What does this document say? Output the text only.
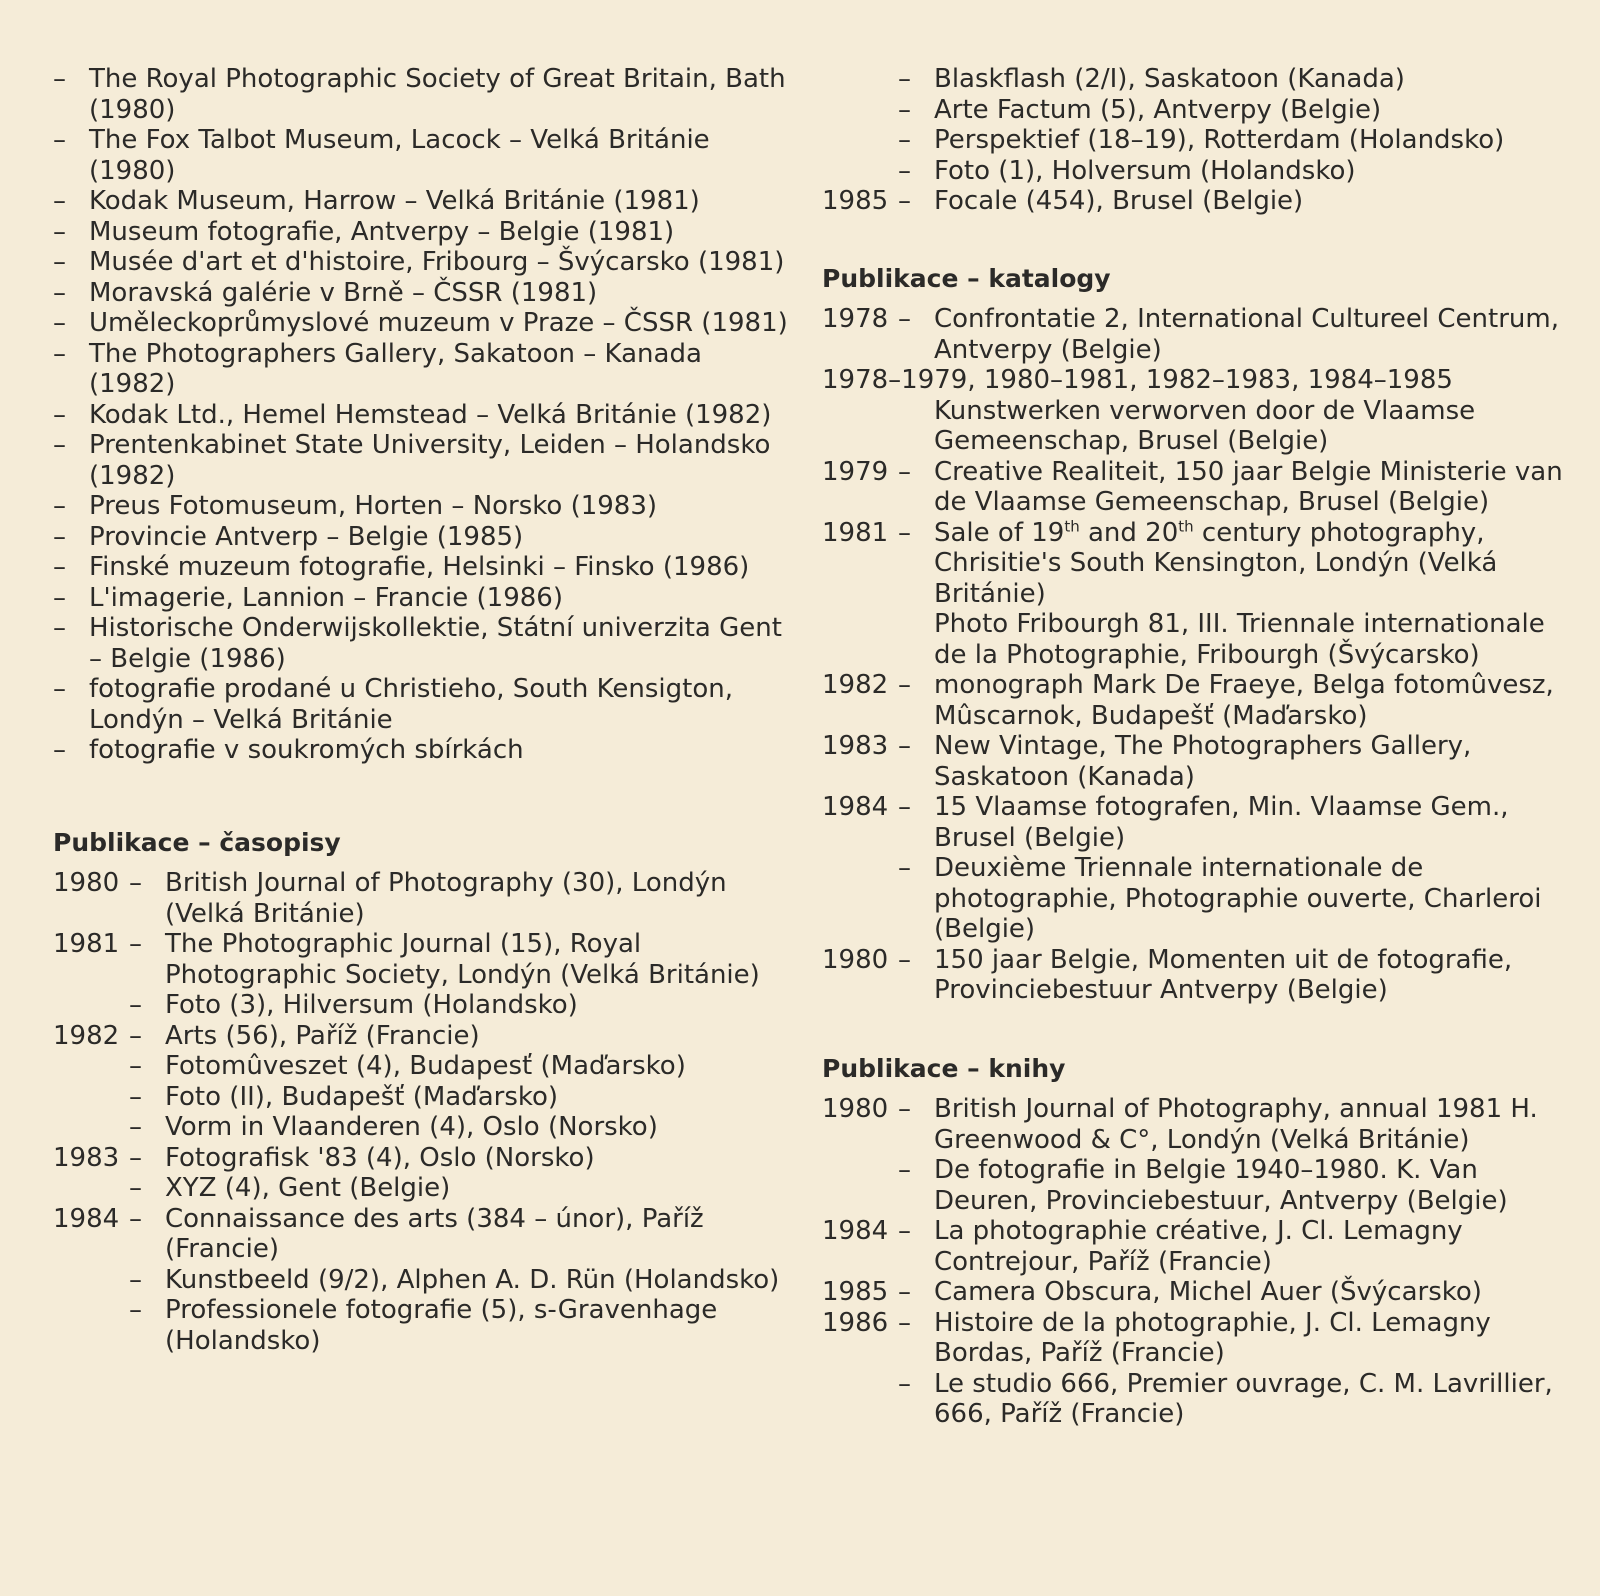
– The Royal Photographic Society of Great Britain, Bath (1980)
– The Fox Talbot Museum, Lacock – Velká Británie (1980)
– Kodak Museum, Harrow – Velká Británie (1981)
– Museum fotografie, Antverpy – Belgie (1981)
– Musée d'art et d'histoire, Fribourg – Švýcarsko (1981)
– Moravská galérie v Brně – ČSSR (1981)
– Uměleckoprůmyslové muzeum v Praze – ČSSR (1981)
– The Photographers Gallery, Sakatoon – Kanada (1982)
– Kodak Ltd., Hemel Hemstead – Velká Británie (1982)
– Prentenkabinet State University, Leiden – Holandsko (1982)
– Preus Fotomuseum, Horten – Norsko (1983)
– Provincie Antverp – Belgie (1985)
– Finské muzeum fotografie, Helsinki – Finsko (1986)
– L'imagerie, Lannion – Francie (1986)
– Historische Onderwijskollektie, Státní univerzita Gent – Belgie (1986)
– fotografie prodané u Christieho, South Kensigton, Londýn – Velká Británie
– fotografie v soukromých sbírkách
Publikace – časopisy
1980 – British Journal of Photography (30), Londýn (Velká Británie)
1981 – The Photographic Journal (15), Royal Photographic Society, Londýn (Velká Británie)
– Foto (3), Hilversum (Holandsko)
1982 – Arts (56), Paříž (Francie)
– Fotomûveszet (4), Budapesť (Maďarsko)
– Foto (II), Budapešť (Maďarsko)
– Vorm in Vlaanderen (4), Oslo (Norsko)
1983 – Fotografisk '83 (4), Oslo (Norsko)
– XYZ (4), Gent (Belgie)
1984 – Connaissance des arts (384 – únor), Paříž (Francie)
– Kunstbeeld (9/2), Alphen A. D. Rün (Holandsko)
– Professionele fotografie (5), s-Gravenhage (Holandsko)
– Blaskflash (2/I), Saskatoon (Kanada)
– Arte Factum (5), Antverpy (Belgie)
– Perspektief (18–19), Rotterdam (Holandsko)
– Foto (1), Holversum (Holandsko)
1985 – Focale (454), Brusel (Belgie)
Publikace – katalogy
1978 – Confrontatie 2, International Cultureel Centrum, Antverpy (Belgie)
1978–1979, 1980–1981, 1982–1983, 1984–1985
Kunstwerken verworven door de Vlaamse Gemeenschap, Brusel (Belgie)
1979 – Creative Realiteit, 150 jaar Belgie Ministerie van de Vlaamse Gemeenschap, Brusel (Belgie)
1981 – Sale of 19th and 20th century photography, Chrisitie's South Kensington, Londýn (Velká Británie)
Photo Fribourgh 81, III. Triennale internationale de la Photographie, Fribourgh (Švýcarsko)
1982 – monograph Mark De Fraeye, Belga fotomûvesz, Mûscarnok, Budapešť (Maďarsko)
1983 – New Vintage, The Photographers Gallery, Saskatoon (Kanada)
1984 – 15 Vlaamse fotografen, Min. Vlaamse Gem., Brusel (Belgie)
– Deuxième Triennale internationale de photographie, Photographie ouverte, Charleroi (Belgie)
1980 – 150 jaar Belgie, Momenten uit de fotografie, Provinciebestuur Antverpy (Belgie)
Publikace – knihy
1980 – British Journal of Photography, annual 1981 H. Greenwood & C°, Londýn (Velká Británie)
– De fotografie in Belgie 1940–1980. K. Van Deuren, Provinciebestuur, Antverpy (Belgie)
1984 – La photographie créative, J. Cl. Lemagny Contrejour, Paříž (Francie)
1985 – Camera Obscura, Michel Auer (Švýcarsko)
1986 – Histoire de la photographie, J. Cl. Lemagny Bordas, Paříž (Francie)
– Le studio 666, Premier ouvrage, C. M. Lavrillier, 666, Paříž (Francie)
